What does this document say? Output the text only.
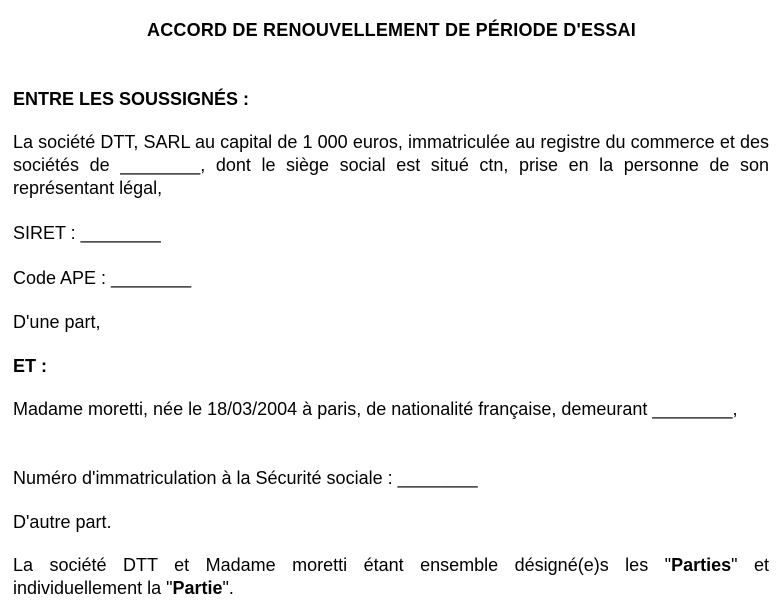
ACCORD DE RENOUVELLEMENT DE PÉRIODE D'ESSAI

ENTRE LES SOUSSIGNÉS :

La société DTT, SARL au capital de 1 000 euros, immatriculée au registre du commerce et des sociétés de ________, dont le siège social est situé ctn, prise en la personne de son représentant légal,

SIRET : ________

Code APE : ________

D'une part,

ET :

Madame moretti, née le 18/03/2004 à paris, de nationalité française, demeurant ________,

Numéro d'immatriculation à la Sécurité sociale : ________

D'autre part.

La société DTT et Madame moretti étant ensemble désigné(e)s les "Parties" et individuellement la "Partie".
